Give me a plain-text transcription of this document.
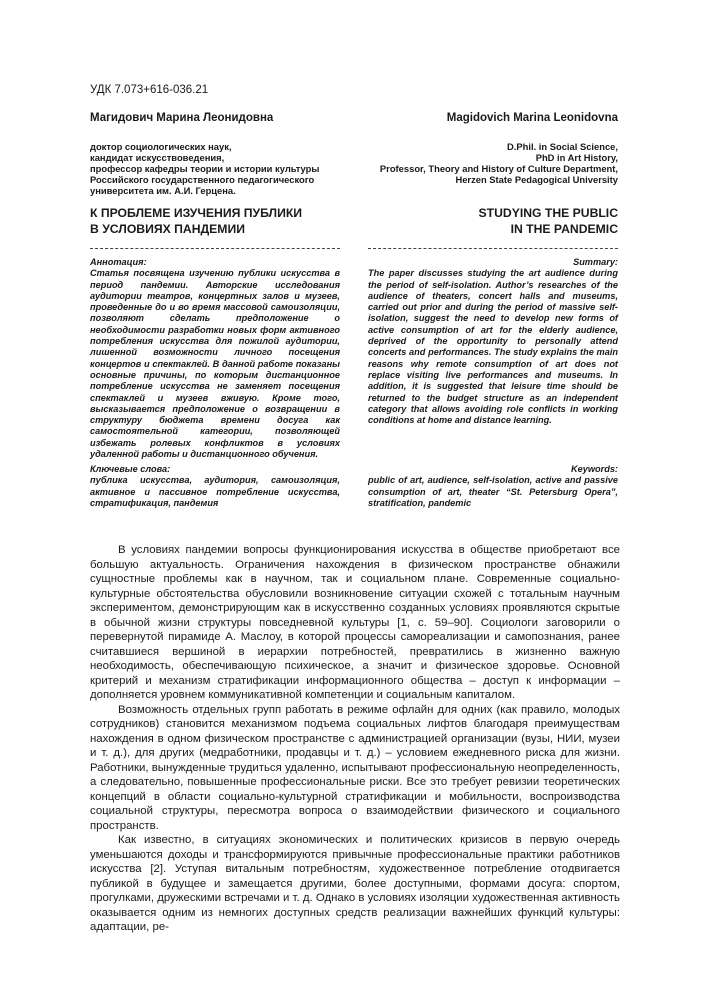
УДК 7.073+616-036.21
Магидович Марина Леонидовна	Magidovich Marina Leonidovna
доктор социологических наук,
кандидат искусствоведения,
профессор кафедры теории и истории культуры
Российского государственного педагогического
университета им. А.И. Герцена.
D.Phil. in Social Science,
PhD in Art History,
Professor, Theory and History of Culture Department,
Herzen State Pedagogical University
К ПРОБЛЕМЕ ИЗУЧЕНИЯ ПУБЛИКИ
В УСЛОВИЯХ ПАНДЕМИИ
STUDYING THE PUBLIC
IN THE PANDEMIC
Аннотация:
Статья посвящена изучению публики искусства в период пандемии. Авторские исследования аудитории театров, концертных залов и музеев, проведенные до и во время массовой самоизоляции, позволяют сделать предположение о необходимости разработки новых форм активного потребления искусства для пожилой аудитории, лишенной возможности личного посещения концертов и спектаклей. В данной работе показаны основные причины, по которым дистанционное потребление искусства не заменяет посещения спектаклей и музеев вживую. Кроме того, высказывается предположение о возвращении в структуру бюджета времени досуга как самостоятельной категории, позволяющей избежать ролевых конфликтов в условиях удаленной работы и дистанционного обучения.
Summary:
The paper discusses studying the art audience during the period of self-isolation. Author’s researches of the audience of theaters, concert halls and museums, carried out prior and during the period of massive self-isolation, suggest the need to develop new forms of active consumption of art for the elderly audience, deprived of the opportunity to personally attend concerts and performances. The study explains the main reasons why remote consumption of art does not replace visiting live performances and museums. In addition, it is suggested that leisure time should be returned to the budget structure as an independent category that allows avoiding role conflicts in working conditions at home and distance learning.
Ключевые слова:
публика искусства, аудитория, самоизоляция, активное и пассивное потребление искусства, стратификация, пандемия
Keywords:
public of art, audience, self-isolation, active and passive consumption of art, theater “St. Petersburg Opera”, stratification, pandemic

В условиях пандемии вопросы функционирования искусства в обществе приобретают все большую актуальность. Ограничения нахождения в физическом пространстве обнажили сущностные проблемы как в научном, так и социальном плане. Современные социально-культурные обстоятельства обусловили возникновение ситуации схожей с тотальным научным экспериментом, демонстрирующим как в искусственно созданных условиях проявляются скрытые в обычной жизни структуры повседневной культуры [1, с. 59–90]. Социологи заговорили о перевернутой пирамиде А. Маслоу, в которой процессы самореализации и самопознания, ранее считавшиеся вершиной в иерархии потребностей, превратились в жизненно важную необходимость, обеспечивающую психическое, а значит и физическое здоровье. Основной критерий и механизм стратификации информационного общества – доступ к информации – дополняется уровнем коммуникативной компетенции и социальным капиталом.

Возможность отдельных групп работать в режиме офлайн для одних (как правило, молодых сотрудников) становится механизмом подъема социальных лифтов благодаря преимуществам нахождения в одном физическом пространстве с администрацией организации (вузы, НИИ, музеи и т. д.), для других (медработники, продавцы и т. д.) – условием ежедневного риска для жизни. Работники, вынужденные трудиться удаленно, испытывают профессиональную неопределенность, а следовательно, повышенные профессиональные риски. Все это требует ревизии теоретических концепций в области социально-культурной стратификации и мобильности, воспроизводства социальной структуры, пересмотра вопроса о взаимодействии физического и социального пространств.

Как известно, в ситуациях экономических и политических кризисов в первую очередь уменьшаются доходы и трансформируются привычные профессиональные практики работников искусства [2]. Уступая витальным потребностям, художественное потребление отодвигается публикой в будущее и замещается другими, более доступными, формами досуга: спортом, прогулками, дружескими встречами и т. д. Однако в условиях изоляции художественная активность оказывается одним из немногих доступных средств реализации важнейших функций культуры: адаптации, ре-
